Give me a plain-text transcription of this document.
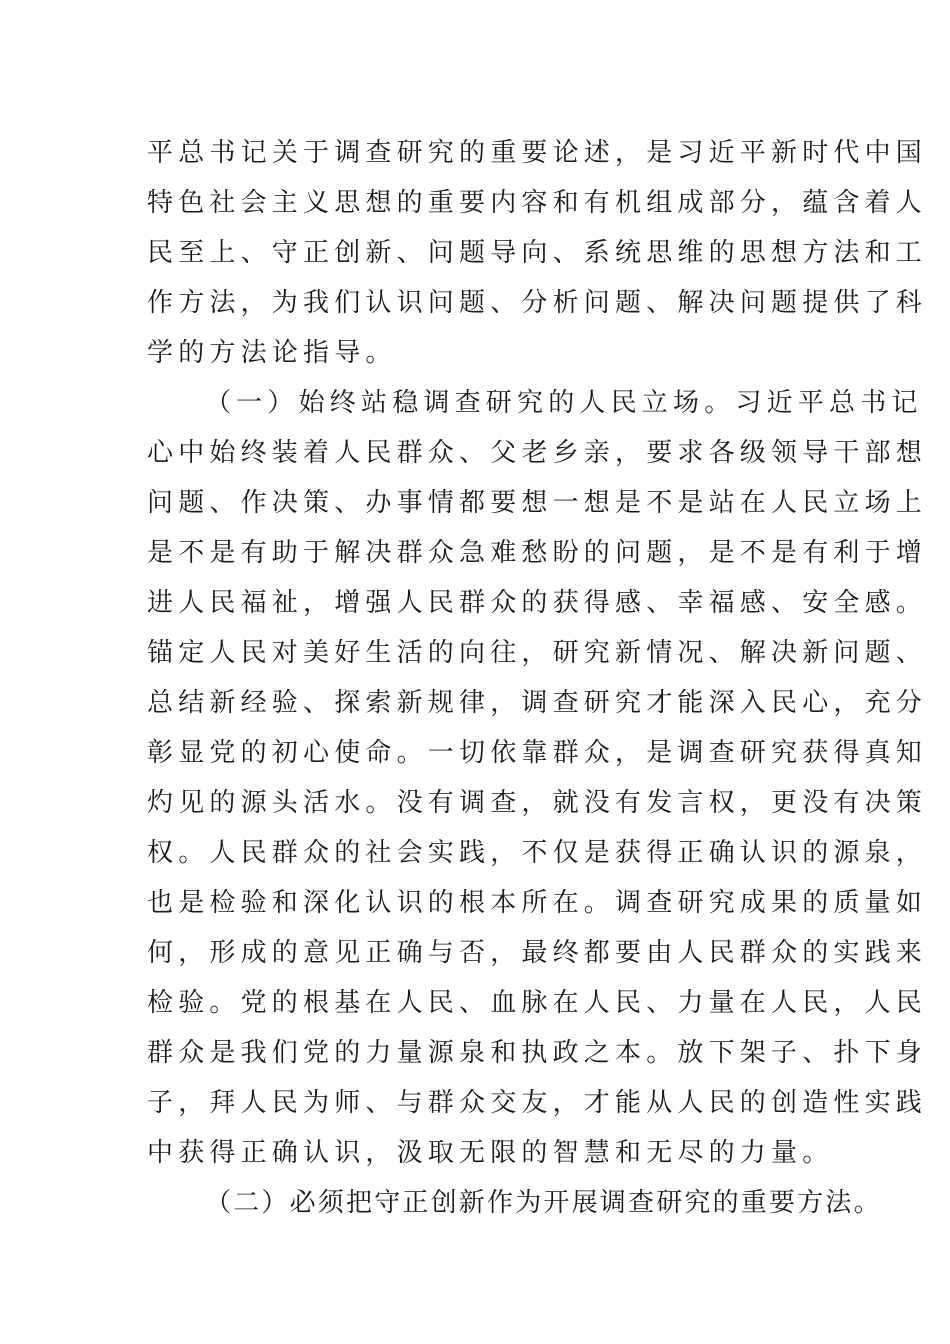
平总书记关于调查研究的重要论述，是习近平新时代中国
特色社会主义思想的重要内容和有机组成部分，蕴含着人
民至上、守正创新、问题导向、系统思维的思想方法和工
作方法，为我们认识问题、分析问题、解决问题提供了科
学的方法论指导。
（一）始终站稳调查研究的人民立场。习近平总书记
心中始终装着人民群众、父老乡亲，要求各级领导干部想
问题、作决策、办事情都要想一想是不是站在人民立场上
是不是有助于解决群众急难愁盼的问题，是不是有利于增
进人民福祉，增强人民群众的获得感、幸福感、安全感。
锚定人民对美好生活的向往，研究新情况、解决新问题、
总结新经验、探索新规律，调查研究才能深入民心，充分
彰显党的初心使命。一切依靠群众，是调查研究获得真知
灼见的源头活水。没有调查，就没有发言权，更没有决策
权。人民群众的社会实践，不仅是获得正确认识的源泉，
也是检验和深化认识的根本所在。调查研究成果的质量如
何，形成的意见正确与否，最终都要由人民群众的实践来
检验。党的根基在人民、血脉在人民、力量在人民，人民
群众是我们党的力量源泉和执政之本。放下架子、扑下身
子，拜人民为师、与群众交友，才能从人民的创造性实践
中获得正确认识，汲取无限的智慧和无尽的力量。
（二）必须把守正创新作为开展调查研究的重要方法。
